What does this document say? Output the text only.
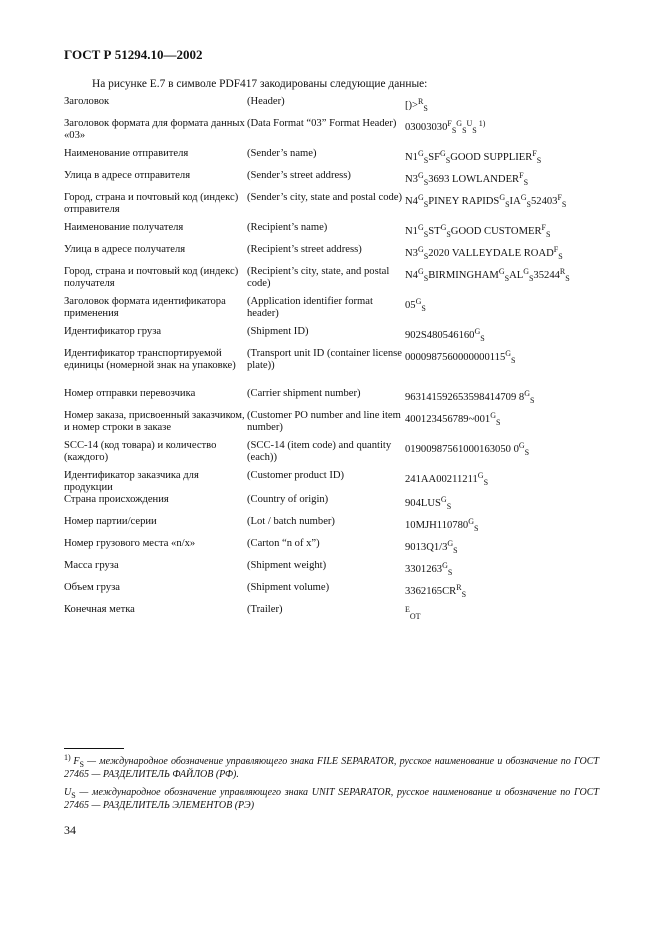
ГОСТ Р 51294.10—2002
На рисунке Е.7 в символе PDF417 закодированы следующие данные:
Заголовок	(Header)	[)>$^R_S$
Заголовок формата для формата данных «03»	(Data Format “03” Format Header)	$03003030^F_S^G_S^U_S$ $^{1)}$
Наименование отправителя	(Sender’s name)	$N1^G_SSF^G_SGOOD$ $SUPPLIER^F_S$
Улица в адресе отправителя	(Sender’s street address)	$N3^G_S3693$ $LOWLANDER^F_S$
Город, страна и почтовый код (индекс) отправителя	(Sender’s city, state and postal code)	$N4^G_SPINEY$ $RAPIDS^G_SIA^G_S52403^F_S$
Наименование получателя	(Recipient’s name)	$N1^G_SST^G_SGOOD$ $CUSTOMER^F_S$
Улица в адресе получателя	(Recipient’s street address)	$N3^G_S2020$ VALLEYDALE $ROAD^F_S$
Город, страна и почтовый код (индекс) получателя	(Recipient’s city, state, and postal code)	$N4^G_SBIRMINGHAM^G_SAL^G_S35244^R_S$
Заголовок формата идентификатора применения	(Application identifier format header)	$05^G_S$
Идентификатор груза	(Shipment ID)	$902S480546160^G_S$
Идентификатор транспортируемой единицы (номерной знак на упаковке)	(Transport unit ID (container license plate))	$0000987560000000115^G_S$
Номер отправки перевозчика	(Carrier shipment number)	963141592653598414709 $8^G_S$
Номер заказа, присвоенный заказчиком, и номер строки в заказе	(Customer PO number and line item number)	$400123456789\sim 001^G_S$
SCC-14 (код товара) и количество (каждого)	(SCC-14 (item code) and quantity (each))	01900987561000163050 $0^G_S$
Идентификатор заказчика для продукции	(Customer product ID)	$241AA00211211^G_S$
Страна происхождения	(Country of origin)	$904LUS^G_S$
Номер партии/серии	(Lot / batch number)	$10MJH110780^G_S$
Номер грузового места «n/x»	(Carton “n of x”)	$9013Q1/3^G_S$
Масса груза	(Shipment weight)	$3301263^G_S$
Объем груза	(Shipment volume)	$3362165CR^R_S$
Конечная метка	(Trailer)	$^E_{OT}$
$^{1)}$ $F_S$ — международное обозначение управляющего знака FILE SEPARATOR, русское наименование и обозначение по ГОСТ 27465 — РАЗДЕЛИТЕЛЬ ФАЙЛОВ (РФ).
$U_S$ — международное обозначение управляющего знака UNIT SEPARATOR, русское наименование и обозначение по ГОСТ 27465 — РАЗДЕЛИТЕЛЬ ЭЛЕМЕНТОВ (РЭ)
34
